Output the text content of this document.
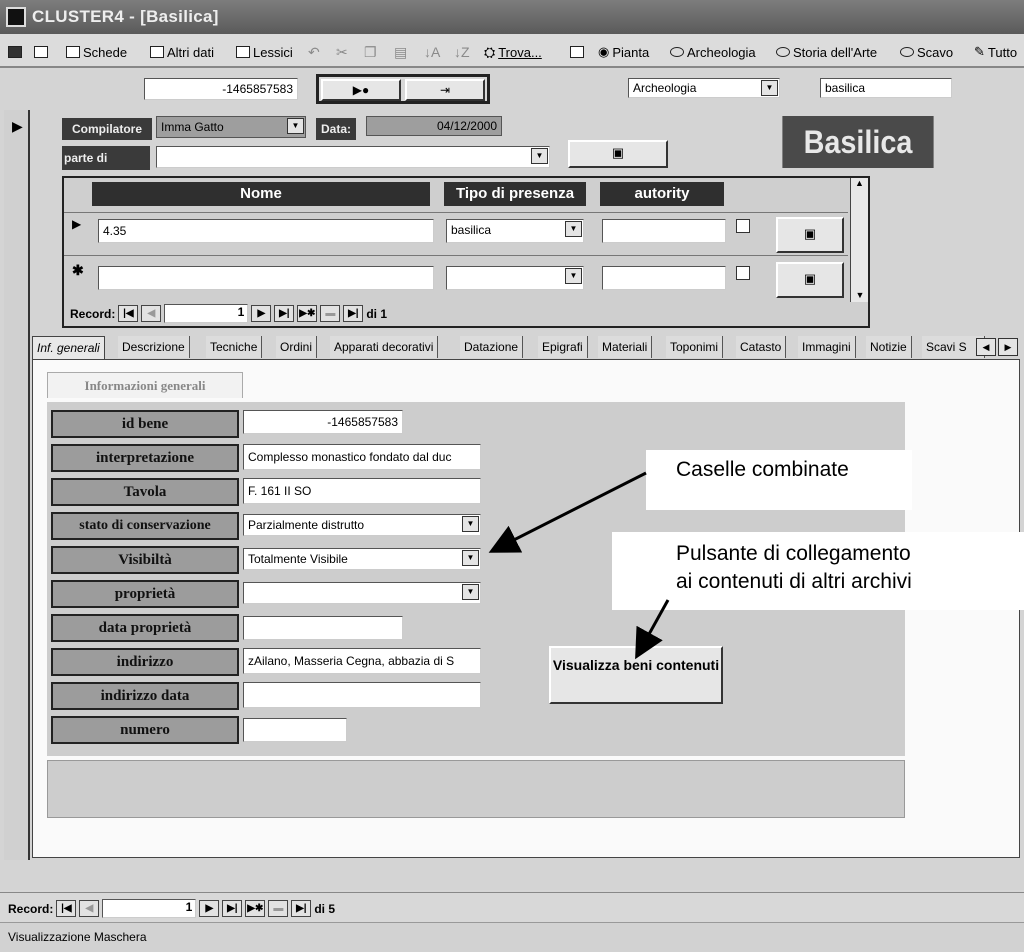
CLUSTER4 - [Basilica]
Schede	Altri dati	Lessici ↶ ✂ ❐ ▤ ↓A ↓Z ⛭ Trova...	◉ Pianta	Archeologia	Storia dell'Arte	Scavo ✎ Tutto
▶
-1465857583	▶●	⇥	Archeologia	▼	basilica
Compilatore	Imma Gatto	▼	Data:	04/12/2000
parte di	▼	▣	Basilica
Nome	Tipo di presenza	autority
▲
▼
▶	4.35	basilica	▼	▣
✱	▼	▣
Record: |◀	◀	1	▶	▶| ▶✱ ▬	▶| di 1
Inf. generali	Descrizione	Tecniche	Ordini	Apparati decorativi	Datazione	Epigrafi	Materiali	Toponimi	Catasto	Immagini	Notizie	Scavi S	◀	▶
Informazioni generali
id bene	-1465857583
interpretazione	Complesso monastico fondato dal duc
Tavola	F. 161 II SO
stato di conservazione	Parzialmente distrutto	▼
Visibiltà	Totalmente Visibile	▼
proprietà	▼
data proprietà
indirizzo	zAilano, Masseria Cegna, abbazia di S
indirizzo data
numero
Visualizza beni contenuti
Caselle combinate
Pulsante di collegamento
ai contenuti di altri archivi
Record: |◀	◀	1	▶	▶| ▶✱ ▬	▶| di 5
Visualizzazione Maschera
